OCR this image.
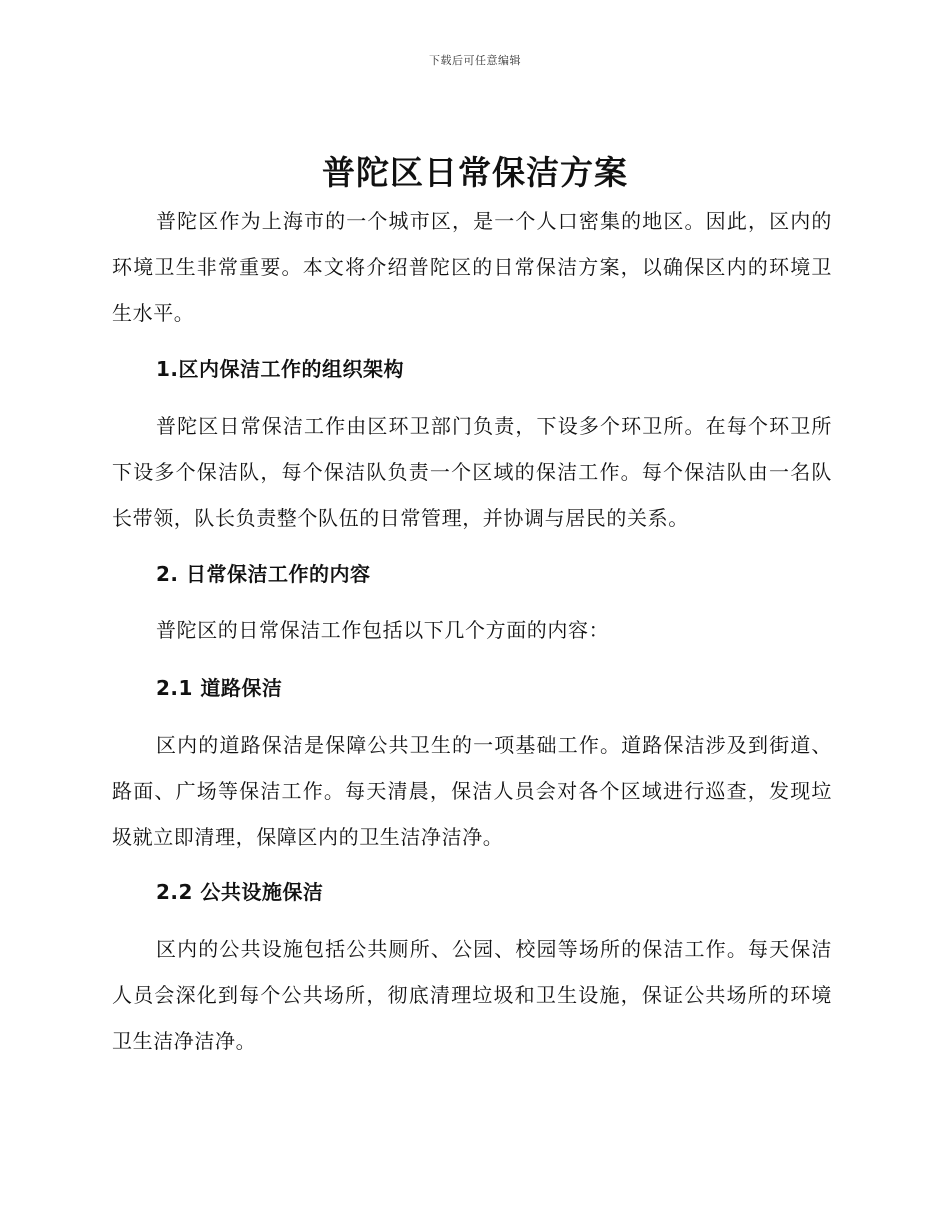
下载后可任意编辑
普陀区日常保洁方案

普陀区作为上海市的一个城市区，是一个人口密集的地区。因此，区内的环境卫生非常重要。本文将介绍普陀区的日常保洁方案，以确保区内的环境卫生水平。

1.区内保洁工作的组织架构

普陀区日常保洁工作由区环卫部门负责，下设多个环卫所。在每个环卫所下设多个保洁队，每个保洁队负责一个区域的保洁工作。每个保洁队由一名队长带领，队长负责整个队伍的日常管理，并协调与居民的关系。

2. 日常保洁工作的内容

普陀区的日常保洁工作包括以下几个方面的内容：

2.1 道路保洁

区内的道路保洁是保障公共卫生的一项基础工作。道路保洁涉及到街道、路面、广场等保洁工作。每天清晨，保洁人员会对各个区域进行巡查，发现垃圾就立即清理，保障区内的卫生洁净洁净。

2.2 公共设施保洁

区内的公共设施包括公共厕所、公园、校园等场所的保洁工作。每天保洁人员会深化到每个公共场所，彻底清理垃圾和卫生设施，保证公共场所的环境卫生洁净洁净。
